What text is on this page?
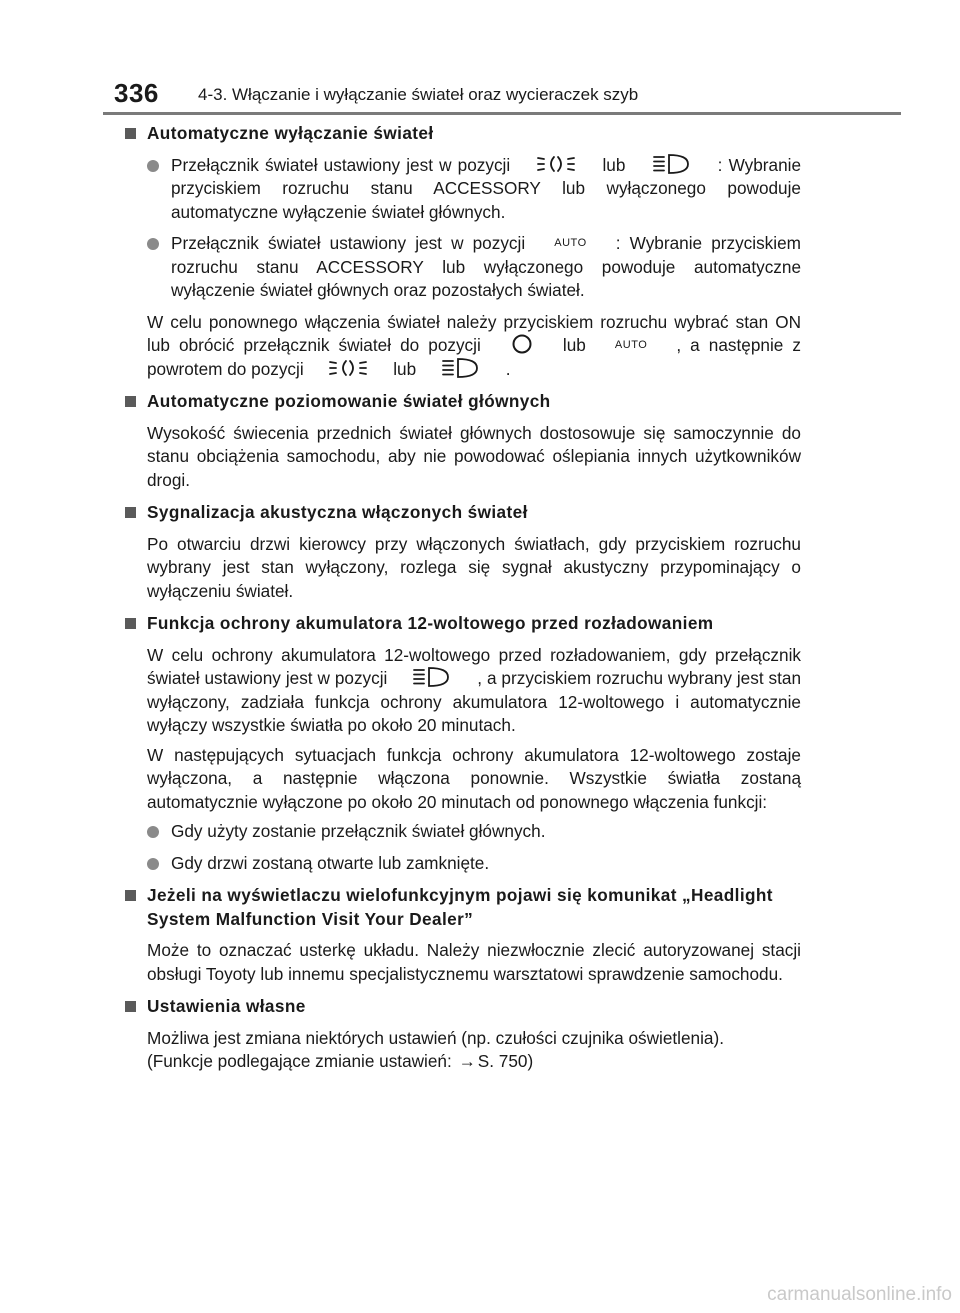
336 4-3. Włączanie i wyłączanie świateł oraz wycieraczek szyb
Automatyczne wyłączanie świateł
Przełącznik świateł ustawiony jest w pozycji	lub	: Wybranie przyciskiem rozruchu stanu ACCESSORY lub wyłączonego powoduje automatyczne wyłączenie świateł głównych.
Przełącznik świateł ustawiony jest w pozycji	AUTO : Wybranie przyciskiem rozruchu stanu ACCESSORY lub wyłączonego powoduje automatyczne wyłączenie świateł głównych oraz pozostałych świateł.
W celu ponownego włączenia świateł należy przyciskiem rozruchu wybrać stan ON lub obrócić przełącznik świateł do pozycji	lub	AUTO , a następnie z powrotem do pozycji	lub	.
Automatyczne poziomowanie świateł głównych
Wysokość świecenia przednich świateł głównych dostosowuje się samoczynnie do stanu obciążenia samochodu, aby nie powodować oślepiania innych użytkowników drogi.
Sygnalizacja akustyczna włączonych świateł
Po otwarciu drzwi kierowcy przy włączonych światłach, gdy przyciskiem rozruchu wybrany jest stan wyłączony, rozlega się sygnał akustyczny przypominający o wyłączeniu świateł.
Funkcja ochrony akumulatora 12-woltowego przed rozładowaniem
W celu ochrony akumulatora 12-woltowego przed rozładowaniem, gdy przełącznik świateł ustawiony jest w pozycji	, a przyciskiem rozruchu wybrany jest stan wyłączony, zadziała funkcja ochrony akumulatora 12-woltowego i automatycznie wyłączy wszystkie światła po około 20 minutach.
W następujących sytuacjach funkcja ochrony akumulatora 12-woltowego zostaje wyłączona, a następnie włączona ponownie. Wszystkie światła zostaną automatycznie wyłączone po około 20 minutach od ponownego włączenia funkcji:
Gdy użyty zostanie przełącznik świateł głównych.
Gdy drzwi zostaną otwarte lub zamknięte.
Jeżeli na wyświetlaczu wielofunkcyjnym pojawi się komunikat „Headlight System Malfunction Visit Your Dealer”
Może to oznaczać usterkę układu. Należy niezwłocznie zlecić autoryzowanej stacji obsługi Toyoty lub innemu specjalistycznemu warsztatowi sprawdzenie samochodu.
Ustawienia własne
Możliwa jest zmiana niektórych ustawień (np. czułości czujnika oświetlenia).
(Funkcje podlegające zmianie ustawień: → S. 750)
carmanualsonline.info
